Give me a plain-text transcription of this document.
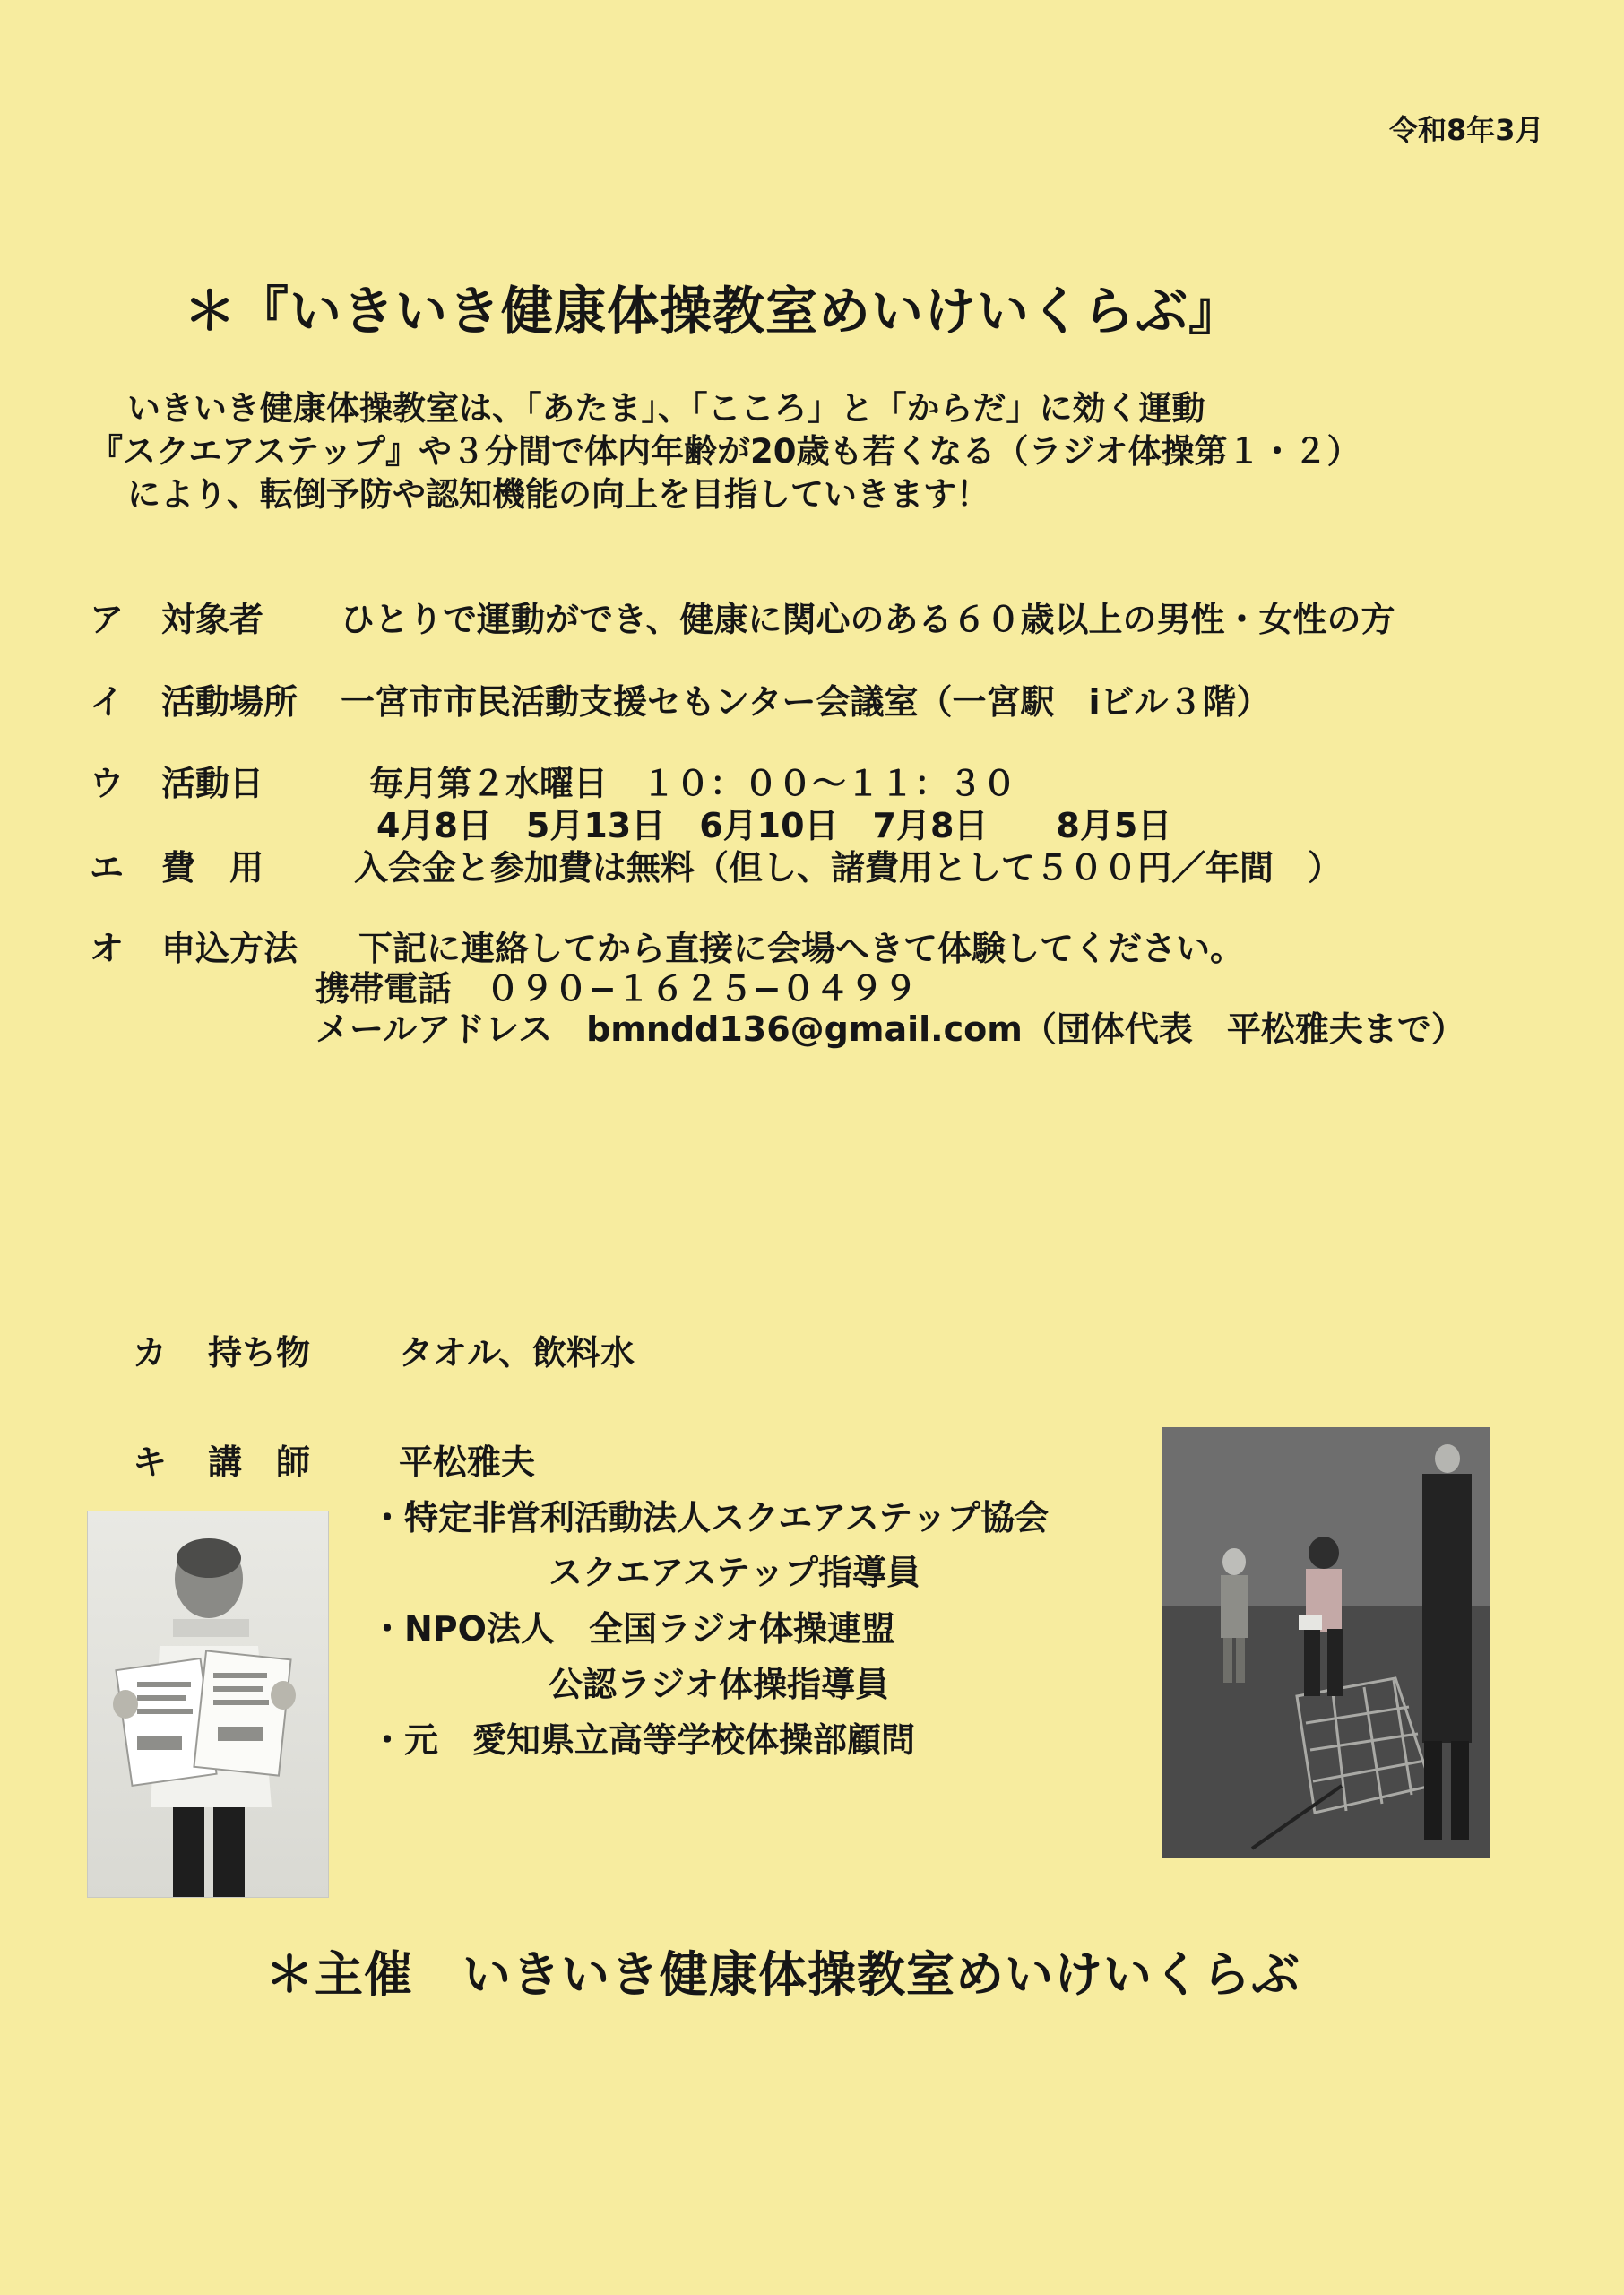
令和8年3月
＊『いきいき健康体操教室めいけいくらぶ』
いきいき健康体操教室は、「あたま」、「こころ」と「からだ」に効く運動
『スクエアステップ』や３分間で体内年齢が20歳も若くなる（ラジオ体操第１・２）
により、転倒予防や認知機能の向上を目指していきます！
ア 対象者 ひとりで運動ができ、健康に関心のある６０歳以上の男性・女性の方
イ 活動場所 一宮市市民活動支援セもンター会議室（一宮駅　iビル３階）
ウ 活動日	毎月第２水曜日　１０：００〜１１：３０
4月8日　5月13日　6月10日　7月8日　　8月5日
エ 費　用	入会金と参加費は無料（但し、諸費用として５００円／年間　）
オ 申込方法 下記に連絡してから直接に会場へきて体験してください。
携帯電話　０９０−１６２５−０４９９
メールアドレス　bmndd136@gmail.com（団体代表　平松雅夫まで）
カ 持ち物	タオル、飲料水
キ 講　師	平松雅夫
・特定非営利活動法人スクエアステップ協会
スクエアステップ指導員
・NPO法人　全国ラジオ体操連盟
公認ラジオ体操指導員
・元　愛知県立高等学校体操部顧問
＊主催　いきいき健康体操教室めいけいくらぶ
